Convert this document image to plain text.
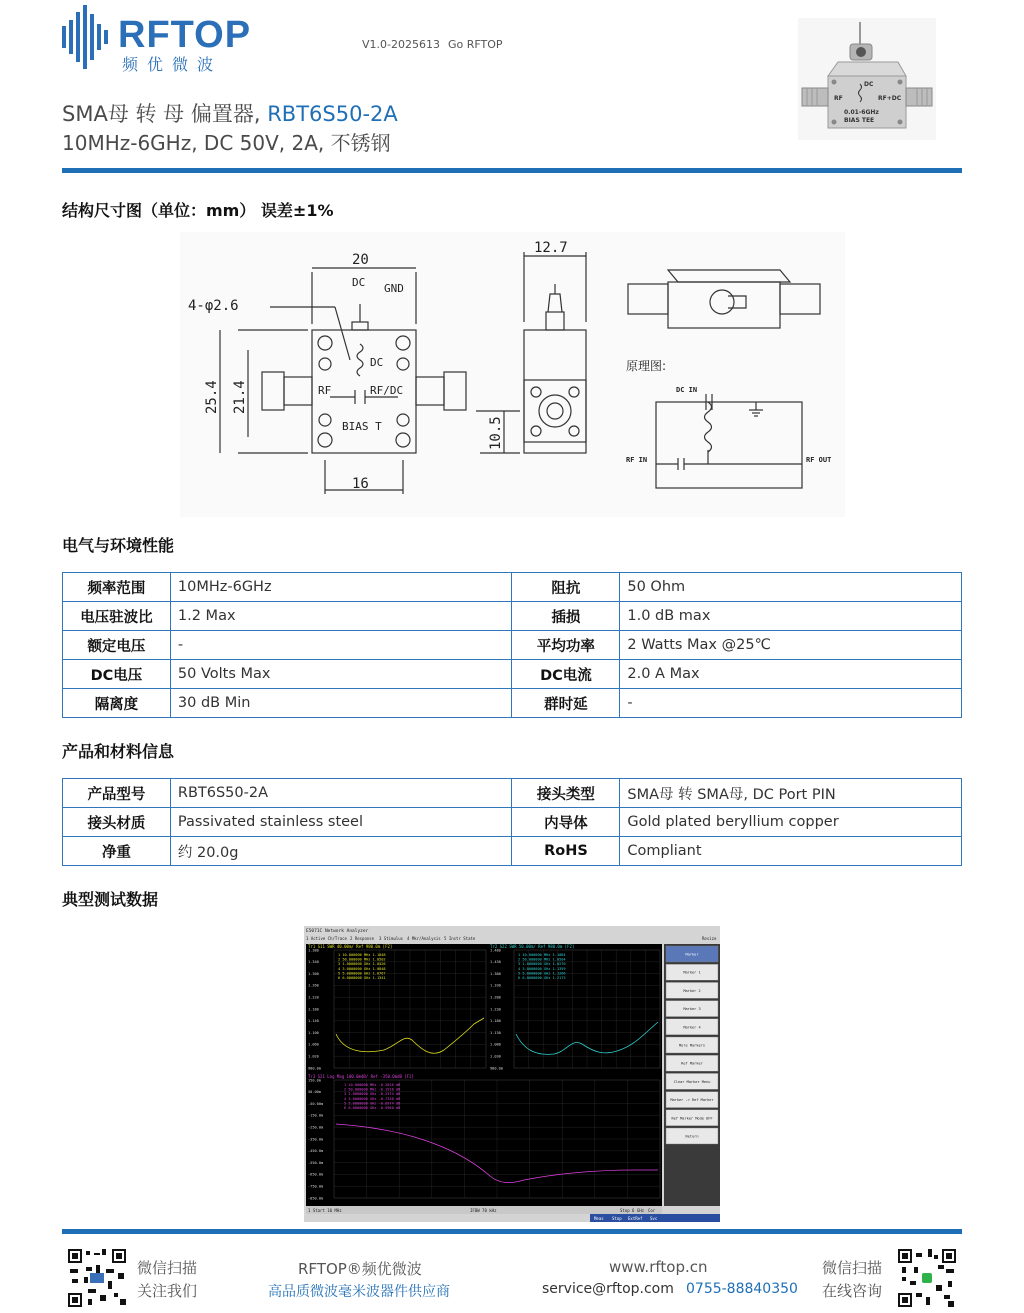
RFTOP
频优微波
V1.0-2025613 Go RFTOP
SMA母 转 母 偏置器, RBT6S50-2A
10MHz-6GHz, DC 50V, 2A, 不锈钢
DC
RF	RF+DC
0.01-6GHz
BIAS TEE
结构尺寸图（单位：mm） 误差±1%
20
12.7
4-φ2.6
25.4 21.4
16
10.5
DC GND
DC
RF	RF/DC
BIAS T
原理图:
DC IN
RF IN	RF OUT
电气与环境性能
频率范围	10MHz-6GHz	阻抗	50 Ohm
电压驻波比	1.2 Max	插损	1.0 dB max
额定电压	-	平均功率	2 Watts Max @25℃
DC电压	50 Volts Max	DC电流	2.0 A Max
隔离度	30 dB Min	群时延	-
产品和材料信息
产品型号	RBT6S50-2A	接头类型	SMA母 转 SMA母, DC Port PIN
接头材质	Passivated stainless steel	内导体	Gold plated beryllium copper
净重	约 20.0g	RoHS	Compliant
典型测试数据
E5071C Network Analyzer
1 Active Ch/Trace 2 Response 3 Stimulus 4 Mkr/Analysis 5 Instr State	Resize
Tr1 S11 SWR 40.00m/ Ref 980.0m [F2]	Tr2 S22 SWR 50.00m/ Ref 980.0m [F2]
Tr3 S21 Log Mag 100.0mdB/ Ref -350.0mdB [F2]
1.380
1.340
1.300
1.260
1.220
1.180
1.140
1.100
1.060
1.020
980.0m
1.480
1.430
1.380
1.330
1.280
1.230
1.180
1.130
1.080
1.030
980.0m
150.0m
50.00m
-50.00m
-150.0m
-250.0m
-350.0m
-450.0m
-550.0m
-650.0m
-750.0m
-850.0m
1 10.000000 MHz 1.1048
2 50.000000 MHz 1.0502
3 1.0000000 GHz 1.0426
4 3.0000000 GHz 1.0848
5 5.0000000 GHz 1.0767
6 6.0000000 GHz 1.1341
1 10.000000 MHz 1.1084
2 50.000000 MHz 1.0504
3 1.0000000 GHz 1.0270
4 3.0000000 GHz 1.1359
5 5.0000000 GHz 1.1266
6 6.0000000 GHz 1.2173
1 10.000000 MHz -0.2816 dB
2 50.000000 MHz -0.1918 dB
3 1.0000000 GHz -0.2374 dB
4 3.0000000 GHz -0.7338 dB
5 5.0000000 GHz -0.6974 dB
6 6.0000000 GHz -0.5960 dB
1 Start 10 MHz	IFBW 70 kHz	Stop 6 GHz Cor
Meas Stop ExtRef Svc
Marker
Marker 1
Marker 2
Marker 3
Marker 4
More Markers
Ref Marker
Clear Marker Menu
Marker -> Ref Marker
Ref Marker Mode OFF
Return
微信扫描
关注我们
RFTOP®频优微波
高品质微波毫米波器件供应商
www.rftop.cn
service@rftop.com 0755-88840350
微信扫描
在线咨询
